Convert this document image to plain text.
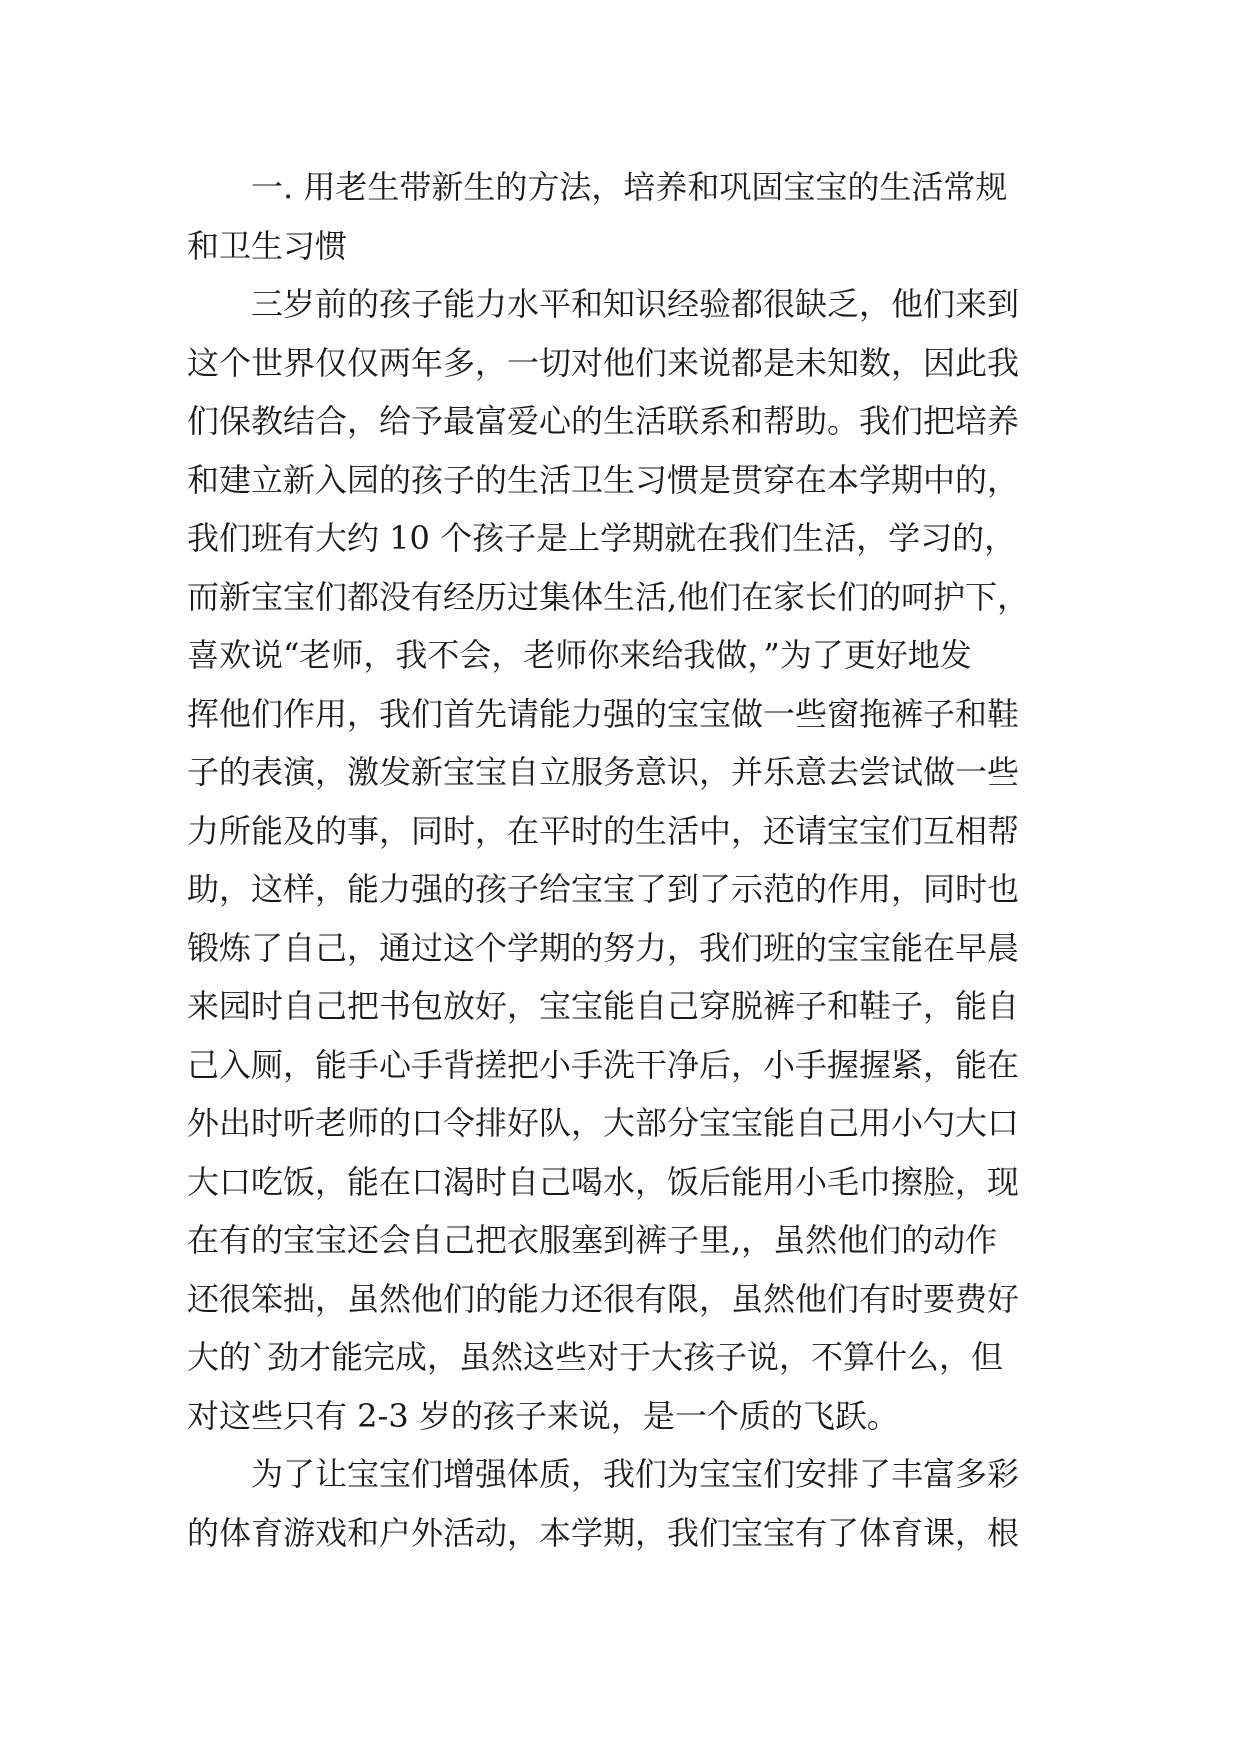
一. 用老生带新生的方法，培养和巩固宝宝的生活常规
和卫生习惯
三岁前的孩子能力水平和知识经验都很缺乏，他们来到
这个世界仅仅两年多，一切对他们来说都是未知数，因此我
们保教结合，给予最富爱心的生活联系和帮助。我们把培养
和建立新入园的孩子的生活卫生习惯是贯穿在本学期中的，
我们班有大约 10 个孩子是上学期就在我们生活，学习的，
而新宝宝们都没有经历过集体生活,他们在家长们的呵护下，
喜欢说“老师，我不会，老师你来给我做，”为了更好地发
挥他们作用，我们首先请能力强的宝宝做一些窗拖裤子和鞋
子的表演，激发新宝宝自立服务意识，并乐意去尝试做一些
力所能及的事，同时，在平时的生活中，还请宝宝们互相帮
助，这样，能力强的孩子给宝宝了到了示范的作用，同时也
锻炼了自己，通过这个学期的努力，我们班的宝宝能在早晨
来园时自己把书包放好，宝宝能自己穿脱裤子和鞋子，能自
己入厕，能手心手背搓把小手洗干净后，小手握握紧，能在
外出时听老师的口令排好队，大部分宝宝能自己用小勺大口
大口吃饭，能在口渴时自己喝水，饭后能用小毛巾擦脸，现
在有的宝宝还会自己把衣服塞到裤子里,，虽然他们的动作
还很笨拙，虽然他们的能力还很有限，虽然他们有时要费好
大的`劲才能完成，虽然这些对于大孩子说，不算什么，但
对这些只有 2-3 岁的孩子来说，是一个质的飞跃。
为了让宝宝们增强体质，我们为宝宝们安排了丰富多彩
的体育游戏和户外活动，本学期，我们宝宝有了体育课，根
